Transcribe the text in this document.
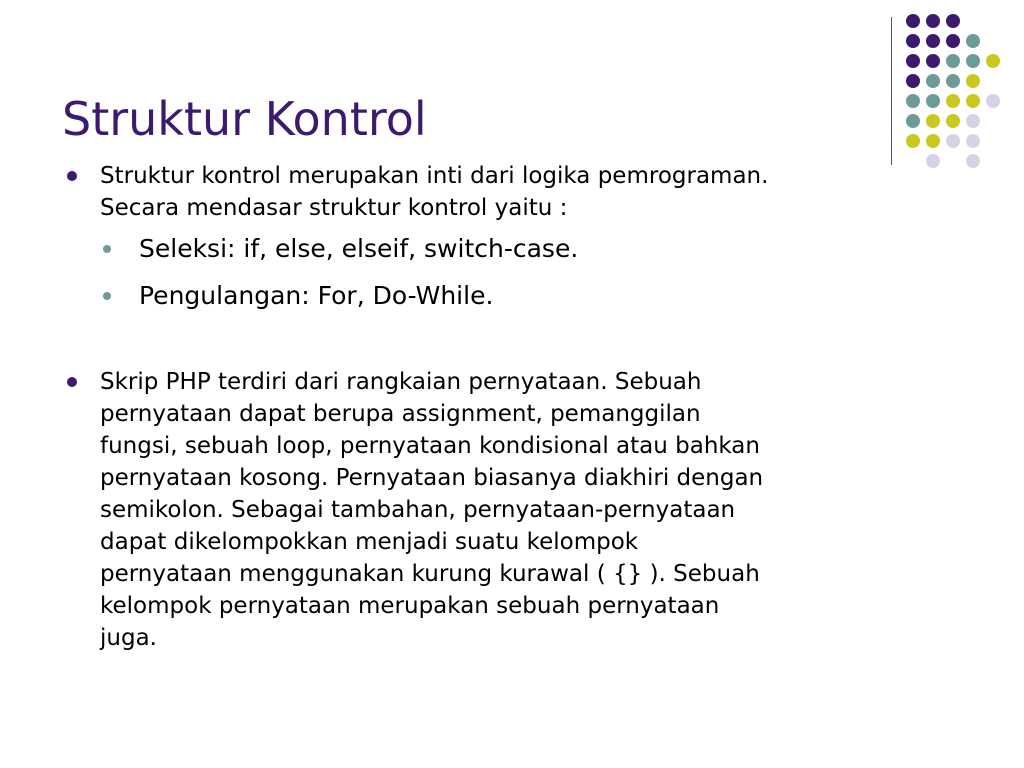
Struktur Kontrol

Struktur kontrol merupakan inti dari logika pemrograman.
Secara mendasar struktur kontrol yaitu :

Seleksi: if, else, elseif, switch-case.

Pengulangan: For, Do-While.

Skrip PHP terdiri dari rangkaian pernyataan. Sebuah
pernyataan dapat berupa assignment, pemanggilan
fungsi, sebuah loop, pernyataan kondisional atau bahkan
pernyataan kosong. Pernyataan biasanya diakhiri dengan
semikolon. Sebagai tambahan, pernyataan-pernyataan
dapat dikelompokkan menjadi suatu kelompok
pernyataan menggunakan kurung kurawal ( {} ). Sebuah
kelompok pernyataan merupakan sebuah pernyataan
juga.
